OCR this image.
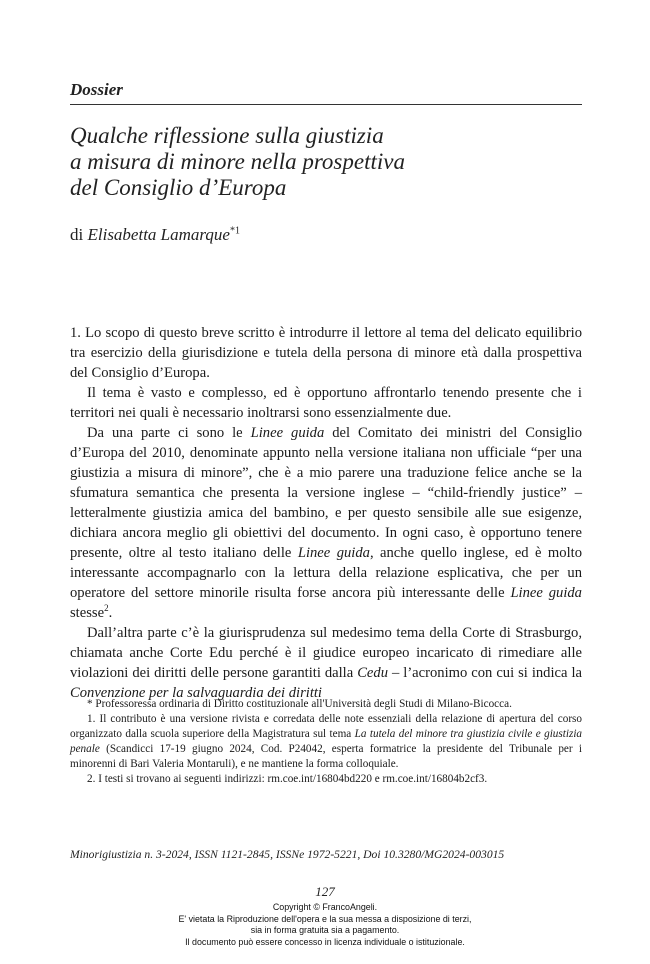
Dossier
Qualche riflessione sulla giustizia
a misura di minore nella prospettiva
del Consiglio d’Europa
di Elisabetta Lamarque$^{*1}$

1. Lo scopo di questo breve scritto è introdurre il lettore al tema del delicato equilibrio tra esercizio della giurisdizione e tutela della persona di minore età dalla prospettiva del Consiglio d’Europa.

Il tema è vasto e complesso, ed è opportuno affrontarlo tenendo presente che i territori nei quali è necessario inoltrarsi sono essenzialmente due.

Da una parte ci sono le Linee guida del Comitato dei ministri del Consiglio d’Europa del 2010, denominate appunto nella versione italiana non ufficiale “per una giustizia a misura di minore”, che è a mio parere una traduzione felice anche se la sfumatura semantica che presenta la versione inglese – “child-friendly justice” – letteralmente giustizia amica del bambino, e per questo sensibile alle sue esigenze, dichiara ancora meglio gli obiettivi del documento. In ogni caso, è opportuno tenere presente, oltre al testo italiano delle Linee guida, anche quello inglese, ed è molto interessante accompagnarlo con la lettura della relazione esplicativa, che per un operatore del settore minorile risulta forse ancora più interessante delle Linee guida stesse$^2$.

Dall’altra parte c’è la giurisprudenza sul medesimo tema della Corte di Strasburgo, chiamata anche Corte Edu perché è il giudice europeo incaricato di rimediare alle violazioni dei diritti delle persone garantiti dalla Cedu – l’acronimo con cui si indica la Convenzione per la salvaguardia dei diritti

* Professoressa ordinaria di Diritto costituzionale all'Università degli Studi di Milano-Bicocca.

1. Il contributo è una versione rivista e corredata delle note essenziali della relazione di apertura del corso organizzato dalla scuola superiore della Magistratura sul tema La tutela del minore tra giustizia civile e giustizia penale (Scandicci 17-19 giugno 2024, Cod. P24042, esperta formatrice la presidente del Tribunale per i minorenni di Bari Valeria Montaruli), e ne mantiene la forma colloquiale.

2. I testi si trovano ai seguenti indirizzi: rm.coe.int/16804bd220 e rm.coe.int/16804b2cf3.

Minorigiustizia n. 3-2024, ISSN 1121-2845, ISSNe 1972-5221, Doi 10.3280/MG2024-003015
127
Copyright © FrancoAngeli.
E' vietata la Riproduzione dell'opera e la sua messa a disposizione di terzi,
sia in forma gratuita sia a pagamento.
Il documento può essere concesso in licenza individuale o istituzionale.
